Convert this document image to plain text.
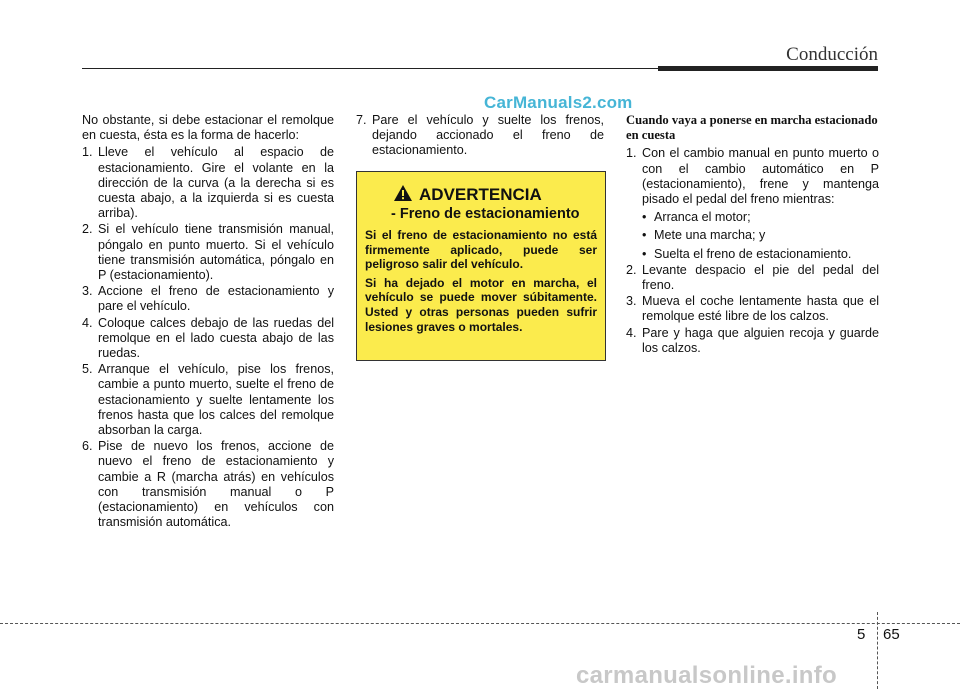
Conducción
CarManuals2.com

No obstante, si debe estacionar el remolque en cuesta, ésta es la forma de hacerlo:

1. Lleve el vehículo al espacio de estacionamiento. Gire el volante en la dirección de la curva (a la derecha si es cuesta abajo, a la izquierda si es cuesta arriba).
2. Si el vehículo tiene transmisión manual, póngalo en punto muerto. Si el vehículo tiene transmisión automática, póngalo en P (estacionamiento).
3. Accione el freno de estacionamiento y pare el vehículo.
4. Coloque calces debajo de las ruedas del remolque en el lado cuesta abajo de las ruedas.
5. Arranque el vehículo, pise los frenos, cambie a punto muerto, suelte el freno de estacionamiento y suelte lentamente los frenos hasta que los calces del remolque absorban la carga.
6. Pise de nuevo los frenos, accione de nuevo el freno de estacionamiento y cambie a R (marcha atrás) en vehículos con transmisión manual o P (estacionamiento) en vehículos con transmisión automática.
7. Pare el vehículo y suelte los frenos, dejando accionado el freno de estacionamiento.
ADVERTENCIA
- Freno de estacionamiento

Si el freno de estacionamiento no está firmemente aplicado, puede ser peligroso salir del vehículo.

Si ha dejado el motor en marcha, el vehículo se puede mover súbitamente. Usted y otras personas pueden sufrir lesiones graves o mortales.

Cuando vaya a ponerse en marcha estacionado en cuesta
1. Con el cambio manual en punto muerto o con el cambio automático en P (estacionamiento), frene y mantenga pisado el pedal del freno mientras:
• Arranca el motor;
• Mete una marcha; y
• Suelta el freno de estacionamiento.
2. Levante despacio el pie del pedal del freno.
3. Mueva el coche lentamente hasta que el remolque esté libre de los calzos.
4. Pare y haga que alguien recoja y guarde los calzos.
5 65
carmanualsonline.info
